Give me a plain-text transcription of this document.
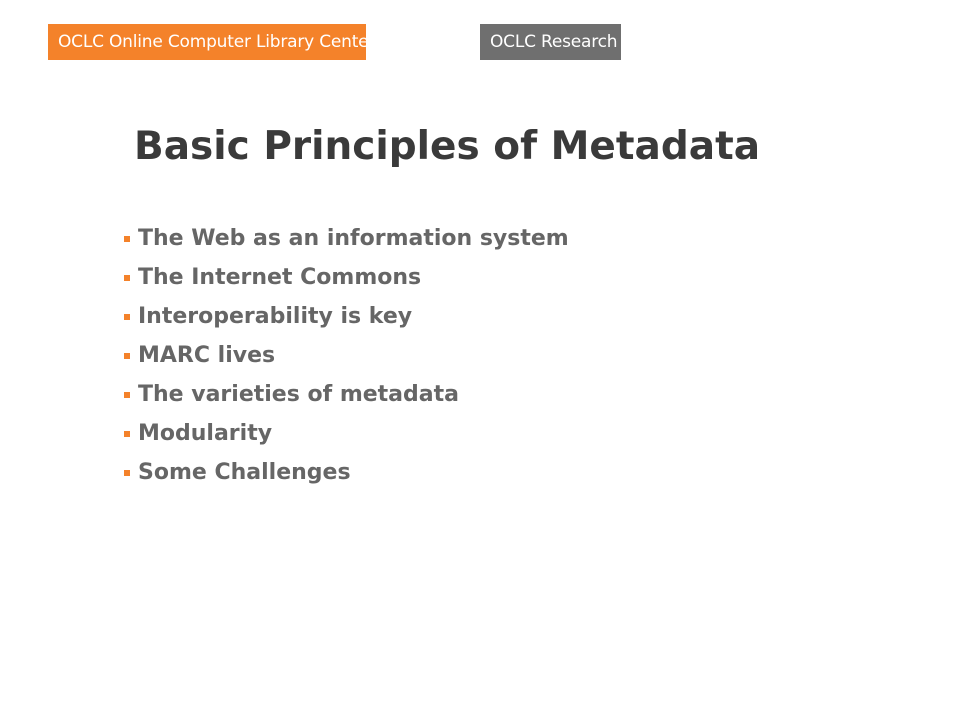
OCLC Online Computer Library Center	OCLC Research
Basic Principles of Metadata
The Web as an information system
The Internet Commons
Interoperability is key
MARC lives
The varieties of metadata
Modularity
Some Challenges
